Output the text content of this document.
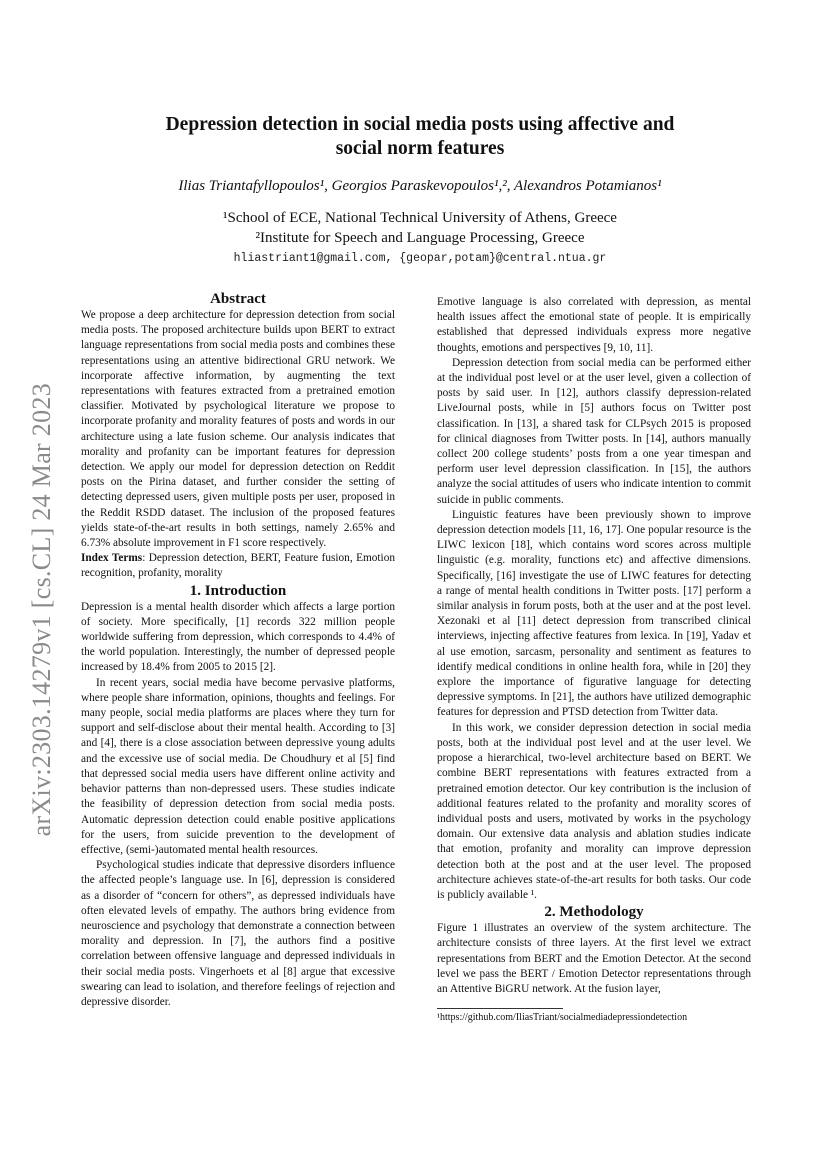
arXiv:2303.14279v1 [cs.CL] 24 Mar 2023
Depression detection in social media posts using affective and
social norm features

Ilias Triantafyllopoulos¹, Georgios Paraskevopoulos¹,², Alexandros Potamianos¹

¹School of ECE, National Technical University of Athens, Greece

²Institute for Speech and Language Processing, Greece

hliastriant1@gmail.com, {geopar,potam}@central.ntua.gr

Abstract

We propose a deep architecture for depression detection from social media posts. The proposed architecture builds upon BERT to extract language representations from social media posts and combines these representations using an attentive bidirectional GRU network. We incorporate affective information, by augmenting the text representations with features extracted from a pretrained emotion classifier. Motivated by psychological literature we propose to incorporate profanity and morality features of posts and words in our architecture using a late fusion scheme. Our analysis indicates that morality and profanity can be important features for depression detection. We apply our model for depression detection on Reddit posts on the Pirina dataset, and further consider the setting of detecting depressed users, given multiple posts per user, proposed in the Reddit RSDD dataset. The inclusion of the proposed features yields state-of-the-art results in both settings, namely 2.65% and 6.73% absolute improvement in F1 score respectively.

Index Terms: Depression detection, BERT, Feature fusion, Emotion recognition, profanity, morality

1. Introduction

Depression is a mental health disorder which affects a large portion of society. More specifically, [1] records 322 million people worldwide suffering from depression, which corresponds to 4.4% of the world population. Interestingly, the number of depressed people increased by 18.4% from 2005 to 2015 [2].

In recent years, social media have become pervasive platforms, where people share information, opinions, thoughts and feelings. For many people, social media platforms are places where they turn for support and self-disclose about their mental health. According to [3] and [4], there is a close association between depressive young adults and the excessive use of social media. De Choudhury et al [5] find that depressed social media users have different online activity and behavior patterns than non-depressed users. These studies indicate the feasibility of depression detection from social media posts. Automatic depression detection could enable positive applications for the users, from suicide prevention to the development of effective, (semi-)automated mental health resources.

Psychological studies indicate that depressive disorders influence the affected people’s language use. In [6], depression is considered as a disorder of “concern for others”, as depressed individuals have often elevated levels of empathy. The authors bring evidence from neuroscience and psychology that demonstrate a connection between morality and depression. In [7], the authors find a positive correlation between offensive language and depressed individuals in their social media posts. Vingerhoets et al [8] argue that excessive swearing can lead to isolation, and therefore feelings of rejection and depressive disorder.

Emotive language is also correlated with depression, as mental health issues affect the emotional state of people. It is empirically established that depressed individuals express more negative thoughts, emotions and perspectives [9, 10, 11].

Depression detection from social media can be performed either at the individual post level or at the user level, given a collection of posts by said user. In [12], authors classify depression-related LiveJournal posts, while in [5] authors focus on Twitter post classification. In [13], a shared task for CLPsych 2015 is proposed for clinical diagnoses from Twitter posts. In [14], authors manually collect 200 college students’ posts from a one year timespan and perform user level depression classification. In [15], the authors analyze the social attitudes of users who indicate intention to commit suicide in public comments.

Linguistic features have been previously shown to improve depression detection models [11, 16, 17]. One popular resource is the LIWC lexicon [18], which contains word scores across multiple linguistic (e.g. morality, functions etc) and affective dimensions. Specifically, [16] investigate the use of LIWC features for detecting a range of mental health conditions in Twitter posts. [17] perform a similar analysis in forum posts, both at the user and at the post level. Xezonaki et al [11] detect depression from transcribed clinical interviews, injecting affective features from lexica. In [19], Yadav et al use emotion, sarcasm, personality and sentiment as features to identify medical conditions in online health fora, while in [20] they explore the importance of figurative language for detecting depressive symptoms. In [21], the authors have utilized demographic features for depression and PTSD detection from Twitter data.

In this work, we consider depression detection in social media posts, both at the individual post level and at the user level. We propose a hierarchical, two-level architecture based on BERT. We combine BERT representations with features extracted from a pretrained emotion detector. Our key contribution is the inclusion of additional features related to the profanity and morality scores of individual posts and users, motivated by works in the psychology domain. Our extensive data analysis and ablation studies indicate that emotion, profanity and morality can improve depression detection both at the post and at the user level. The proposed architecture achieves state-of-the-art results for both tasks. Our code is publicly available ¹.

2. Methodology

Figure 1 illustrates an overview of the system architecture. The architecture consists of three layers. At the first level we extract representations from BERT and the Emotion Detector. At the second level we pass the BERT / Emotion Detector representations through an Attentive BiGRU network. At the fusion layer,

¹https://github.com/IliasTriant/socialmediadepressiondetection
